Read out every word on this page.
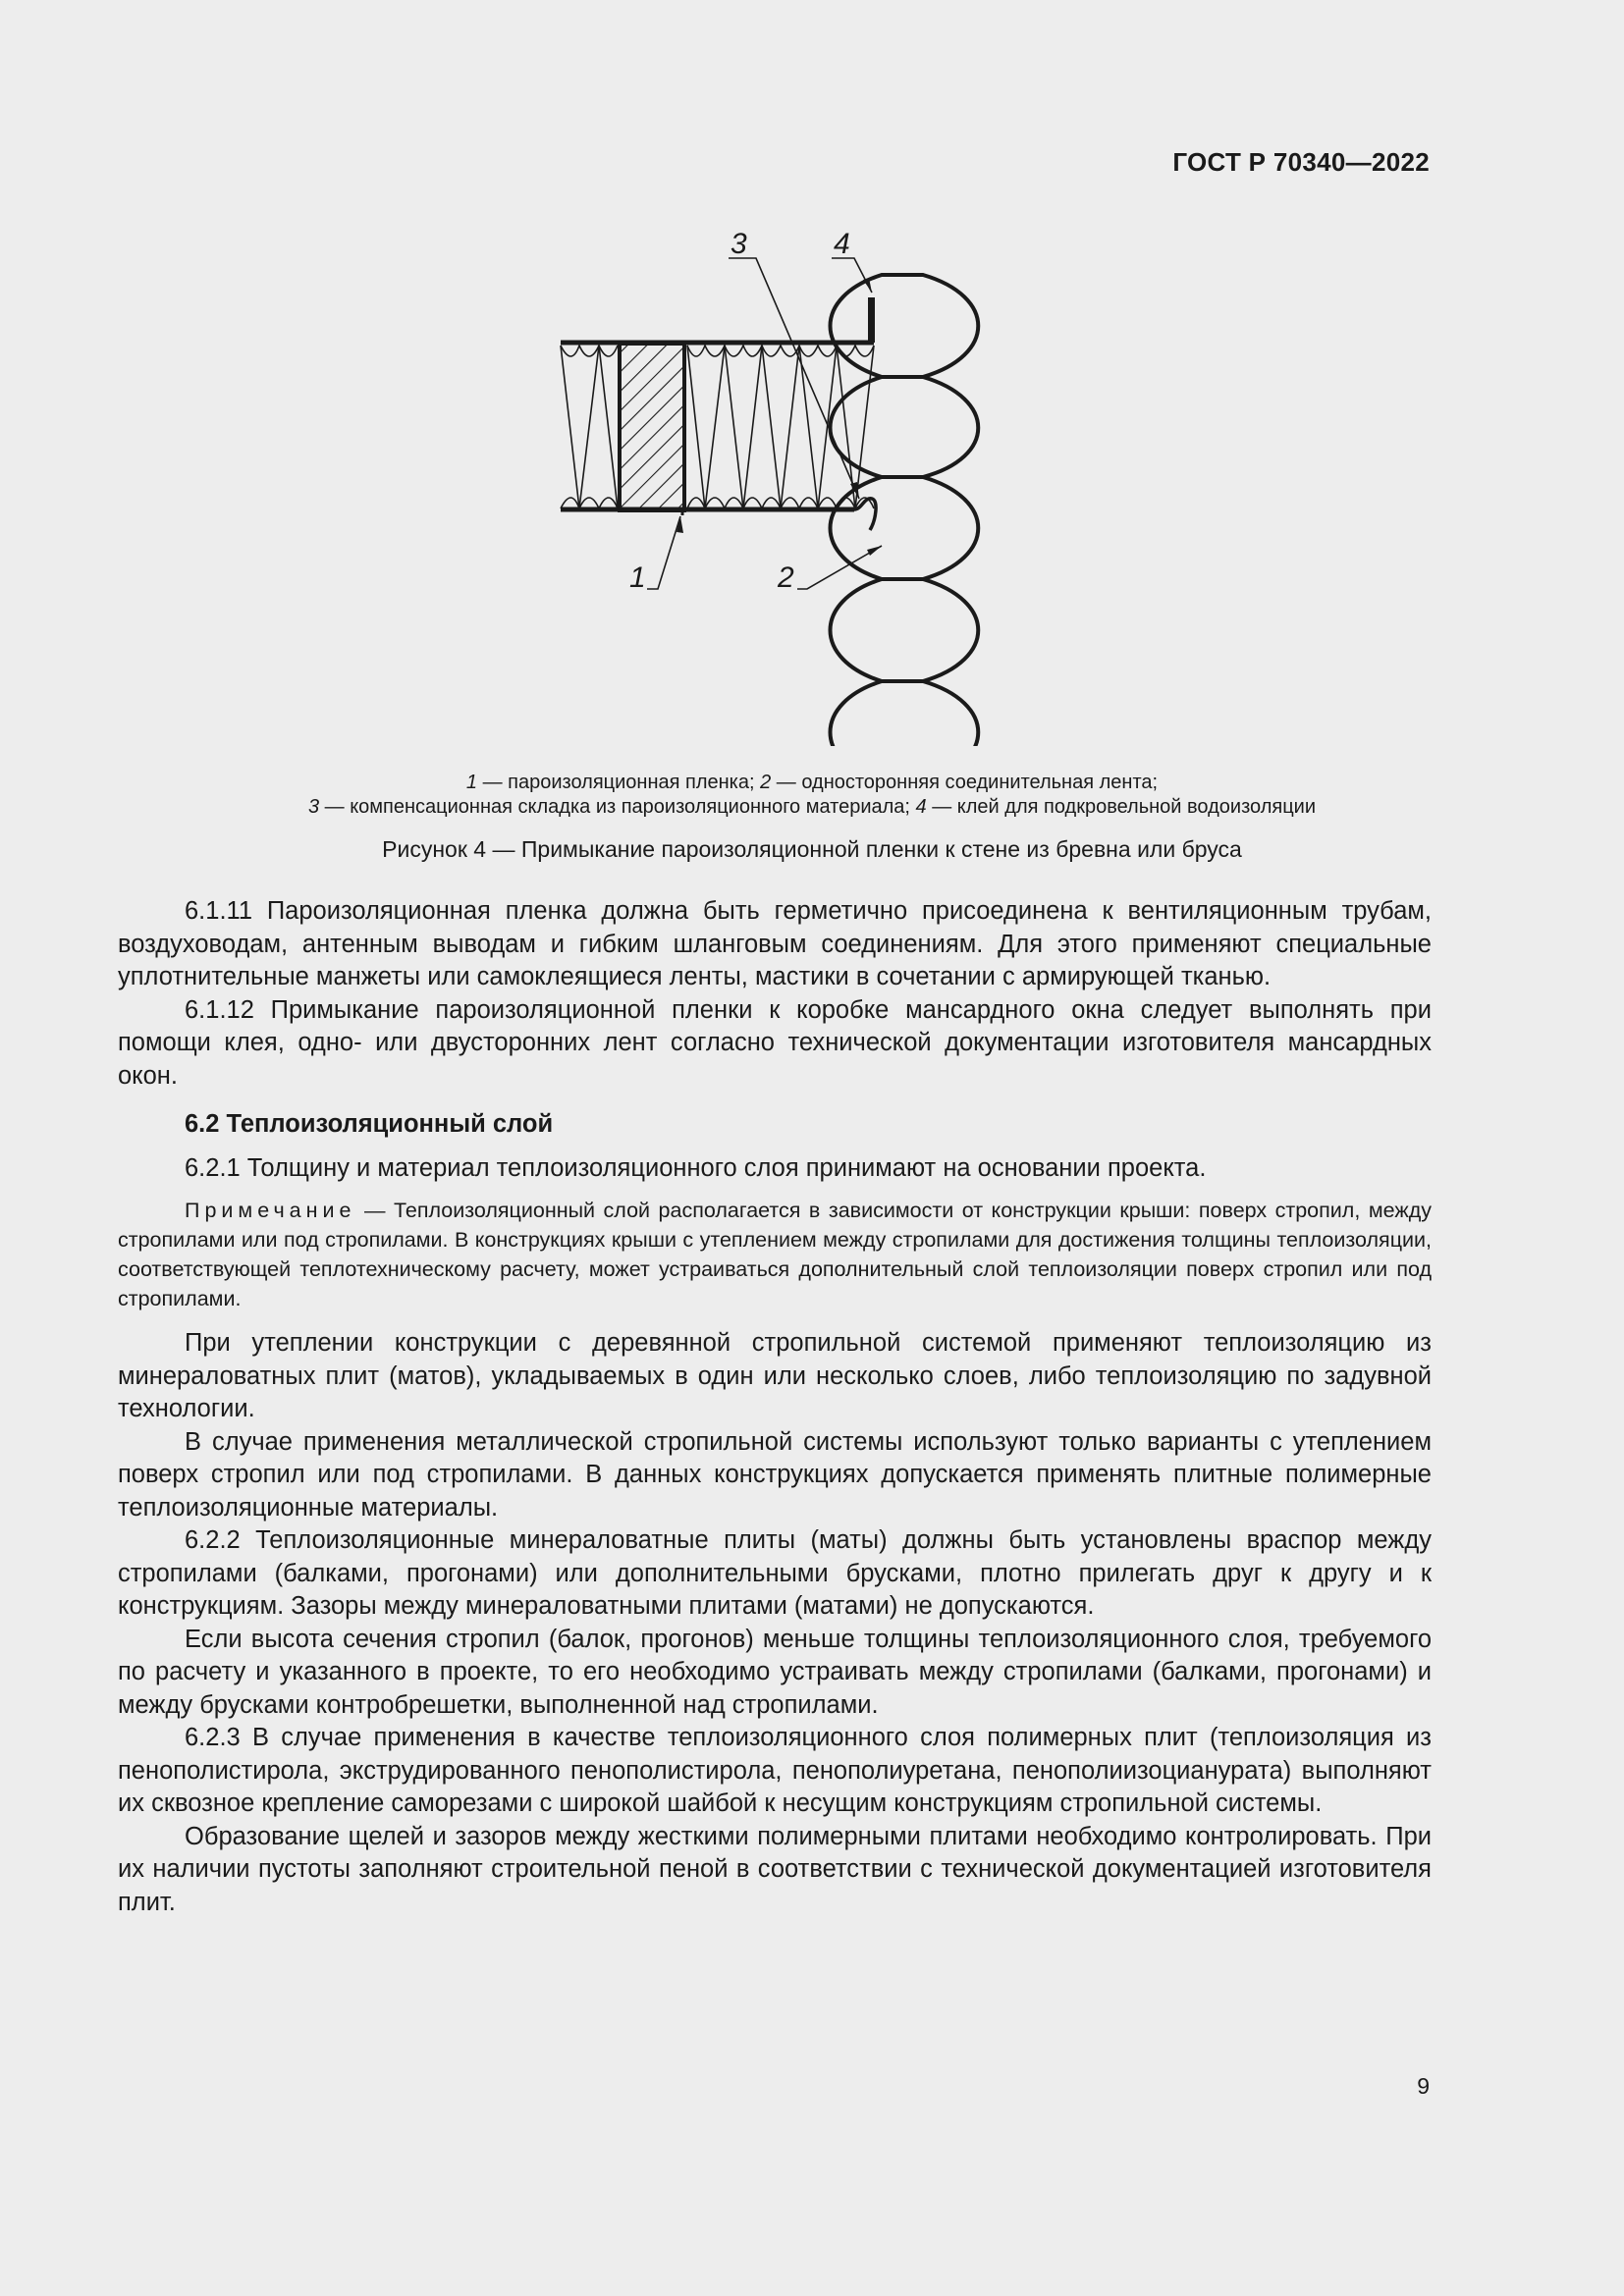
ГОСТ Р 70340—2022
3	4
1	2
1 — пароизоляционная пленка; 2 — односторонняя соединительная лента;
3 — компенсационная складка из пароизоляционного материала; 4 — клей для подкровельной водоизоляции
Рисунок 4 — Примыкание пароизоляционной пленки к стене из бревна или бруса

6.1.11 Пароизоляционная пленка должна быть герметично присоединена к вентиляционным трубам, воздуховодам, антенным выводам и гибким шланговым соединениям. Для этого применяют специальные уплотнительные манжеты или самоклеящиеся ленты, мастики в сочетании с армирующей тканью.

6.1.12 Примыкание пароизоляционной пленки к коробке мансардного окна следует выполнять при помощи клея, одно- или двусторонних лент согласно технической документации изготовителя мансардных окон.

6.2 Теплоизоляционный слой

6.2.1 Толщину и материал теплоизоляционного слоя принимают на основании проекта.

Примечание — Теплоизоляционный слой располагается в зависимости от конструкции крыши: поверх стропил, между стропилами или под стропилами. В конструкциях крыши с утеплением между стропилами для достижения толщины теплоизоляции, соответствующей теплотехническому расчету, может устраиваться дополнительный слой теплоизоляции поверх стропил или под стропилами.

При утеплении конструкции с деревянной стропильной системой применяют теплоизоляцию из минераловатных плит (матов), укладываемых в один или несколько слоев, либо теплоизоляцию по задувной технологии.

В случае применения металлической стропильной системы используют только варианты с утеплением поверх стропил или под стропилами. В данных конструкциях допускается применять плитные полимерные теплоизоляционные материалы.

6.2.2 Теплоизоляционные минераловатные плиты (маты) должны быть установлены враспор между стропилами (балками, прогонами) или дополнительными брусками, плотно прилегать друг к другу и к конструкциям. Зазоры между минераловатными плитами (матами) не допускаются.

Если высота сечения стропил (балок, прогонов) меньше толщины теплоизоляционного слоя, требуемого по расчету и указанного в проекте, то его необходимо устраивать между стропилами (балками, прогонами) и между брусками контробрешетки, выполненной над стропилами.

6.2.3 В случае применения в качестве теплоизоляционного слоя полимерных плит (теплоизоляция из пенополистирола, экструдированного пенополистирола, пенополиуретана, пенополиизоциануратa) выполняют их сквозное крепление саморезами с широкой шайбой к несущим конструкциям стропильной системы.

Образование щелей и зазоров между жесткими полимерными плитами необходимо контролировать. При их наличии пустоты заполняют строительной пеной в соответствии с технической документацией изготовителя плит.

9
